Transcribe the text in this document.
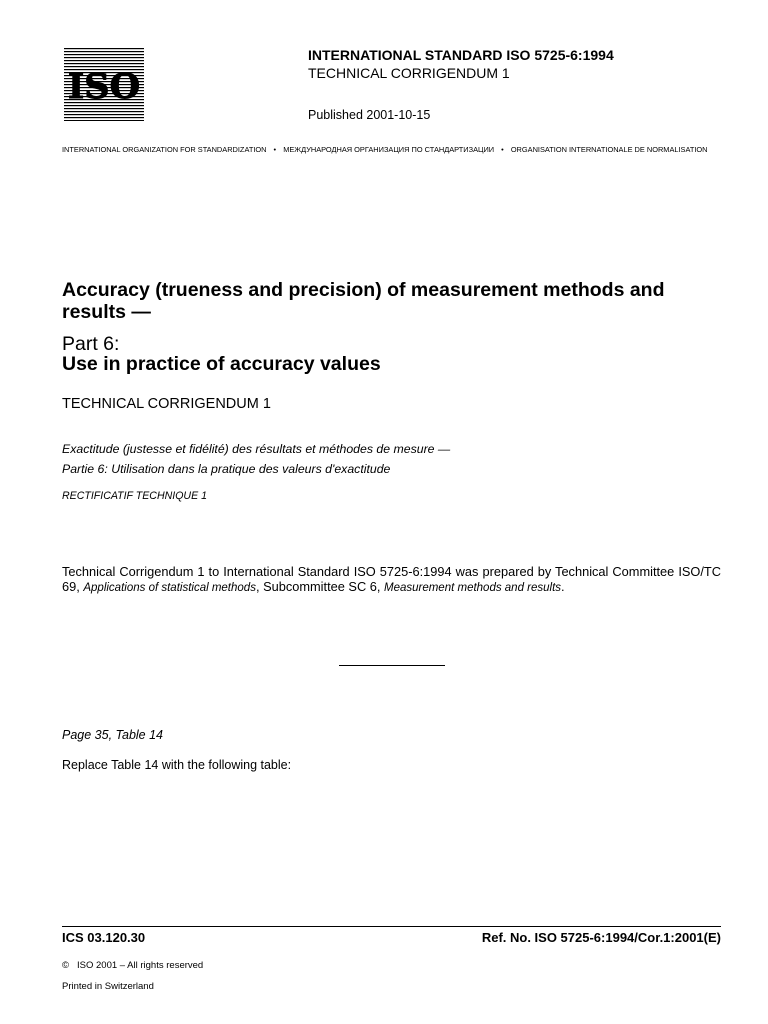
ISO
INTERNATIONAL STANDARD ISO 5725-6:1994
TECHNICAL CORRIGENDUM 1
Published 2001-10-15
INTERNATIONAL ORGANIZATION FOR STANDARDIZATION • МЕЖДУНАРОДНАЯ ОРГАНИЗАЦИЯ ПО СТАНДАРТИЗАЦИИ • ORGANISATION INTERNATIONALE DE NORMALISATION
Accuracy (trueness and precision) of measurement methods and results —
Part 6:
Use in practice of accuracy values
TECHNICAL CORRIGENDUM 1
Exactitude (justesse et fidélité) des résultats et méthodes de mesure —
Partie 6: Utilisation dans la pratique des valeurs d'exactitude
RECTIFICATIF TECHNIQUE 1
Technical Corrigendum 1 to International Standard ISO 5725-6:1994 was prepared by Technical Committee ISO/TC 69, Applications of statistical methods, Subcommittee SC 6, Measurement methods and results.
Page 35, Table 14
Replace Table 14 with the following table:
ICS 03.120.30	Ref. No. ISO 5725-6:1994/Cor.1:2001(E)
© ISO 2001 – All rights reserved
Printed in Switzerland
